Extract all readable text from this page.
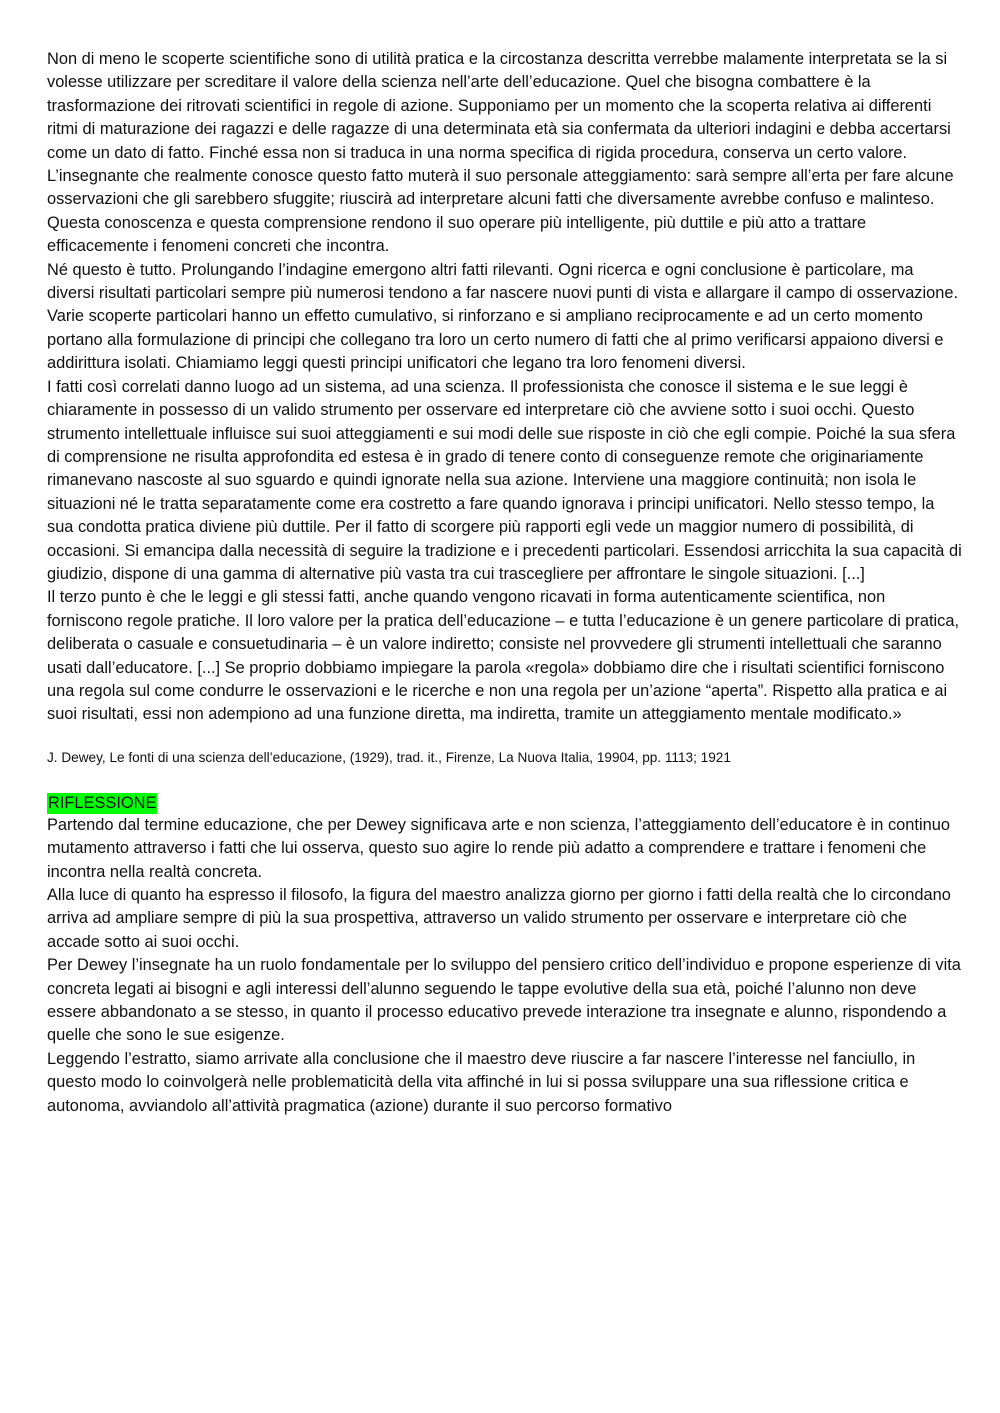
Non di meno le scoperte scientifiche sono di utilità pratica e la circostanza descritta verrebbe malamente interpretata se la si volesse utilizzare per screditare il valore della scienza nell’arte dell’educazione. Quel che bisogna combattere è la trasformazione dei ritrovati scientifici in regole di azione. Supponiamo per un momento che la scoperta relativa ai differenti ritmi di maturazione dei ragazzi e delle ragazze di una determinata età sia confermata da ulteriori indagini e debba accertarsi come un dato di fatto. Finché essa non si traduca in una norma specifica di rigida procedura, conserva un certo valore. L’insegnante che realmente conosce questo fatto muterà il suo personale atteggiamento: sarà sempre all’erta per fare alcune osservazioni che gli sarebbero sfuggite; riuscirà ad interpretare alcuni fatti che diversamente avrebbe confuso e malinteso. Questa conoscenza e questa comprensione rendono il suo operare più intelligente, più duttile e più atto a trattare efficacemente i fenomeni concreti che incontra.

Né questo è tutto. Prolungando l’indagine emergono altri fatti rilevanti. Ogni ricerca e ogni conclusione è particolare, ma diversi risultati particolari sempre più numerosi tendono a far nascere nuovi punti di vista e allargare il campo di osservazione. Varie scoperte particolari hanno un effetto cumulativo, si rinforzano e si ampliano reciprocamente e ad un certo momento portano alla formulazione di principi che collegano tra loro un certo numero di fatti che al primo verificarsi appaiono diversi e addirittura isolati. Chiamiamo leggi questi principi unificatori che legano tra loro fenomeni diversi.

I fatti così correlati danno luogo ad un sistema, ad una scienza. Il professionista che conosce il sistema e le sue leggi è chiaramente in possesso di un valido strumento per osservare ed interpretare ciò che avviene sotto i suoi occhi. Questo strumento intellettuale influisce sui suoi atteggiamenti e sui modi delle sue risposte in ciò che egli compie. Poiché la sua sfera di comprensione ne risulta approfondita ed estesa è in grado di tenere conto di conseguenze remote che originariamente rimanevano nascoste al suo sguardo e quindi ignorate nella sua azione. Interviene una maggiore continuità; non isola le situazioni né le tratta separatamente come era costretto a fare quando ignorava i principi unificatori. Nello stesso tempo, la sua condotta pratica diviene più duttile. Per il fatto di scorgere più rapporti egli vede un maggior numero di possibilità, di occasioni. Si emancipa dalla necessità di seguire la tradizione e i precedenti particolari. Essendosi arricchita la sua capacità di giudizio, dispone di una gamma di alternative più vasta tra cui trascegliere per affrontare le singole situazioni. [...]

Il terzo punto è che le leggi e gli stessi fatti, anche quando vengono ricavati in forma autenticamente scientifica, non forniscono regole pratiche. Il loro valore per la pratica dell’educazione – e tutta l’educazione è un genere particolare di pratica, deliberata o casuale e consuetudinaria – è un valore indiretto; consiste nel provvedere gli strumenti intellettuali che saranno usati dall’educatore. [...] Se proprio dobbiamo impiegare la parola «regola» dobbiamo dire che i risultati scientifici forniscono una regola sul come condurre le osservazioni e le ricerche e non una regola per un’azione “aperta”. Rispetto alla pratica e ai suoi risultati, essi non adempiono ad una funzione diretta, ma indiretta, tramite un atteggiamento mentale modificato.»

J. Dewey, Le fonti di una scienza dell’educazione, (1929), trad. it., Firenze, La Nuova Italia, 19904, pp. 1113; 1921

RIFLESSIONE

Partendo dal termine educazione, che per Dewey significava arte e non scienza, l’atteggiamento dell’educatore è in continuo mutamento attraverso i fatti che lui osserva, questo suo agire lo rende più adatto a comprendere e trattare i fenomeni che incontra nella realtà concreta.

Alla luce di quanto ha espresso il filosofo, la figura del maestro analizza giorno per giorno i fatti della realtà che lo circondano arriva ad ampliare sempre di più la sua prospettiva, attraverso un valido strumento per osservare e interpretare ciò che accade sotto ai suoi occhi.

Per Dewey l’insegnate ha un ruolo fondamentale per lo sviluppo del pensiero critico dell’individuo e propone esperienze di vita concreta legati ai bisogni e agli interessi dell’alunno seguendo le tappe evolutive della sua età, poiché l’alunno non deve essere abbandonato a se stesso, in quanto il processo educativo prevede interazione tra insegnate e alunno, rispondendo a quelle che sono le sue esigenze.

Leggendo l’estratto, siamo arrivate alla conclusione che il maestro deve riuscire a far nascere l’interesse nel fanciullo, in questo modo lo coinvolgerà nelle problematicità della vita affinché in lui si possa sviluppare una sua riflessione critica e autonoma, avviandolo all’attività pragmatica (azione) durante il suo percorso formativo
